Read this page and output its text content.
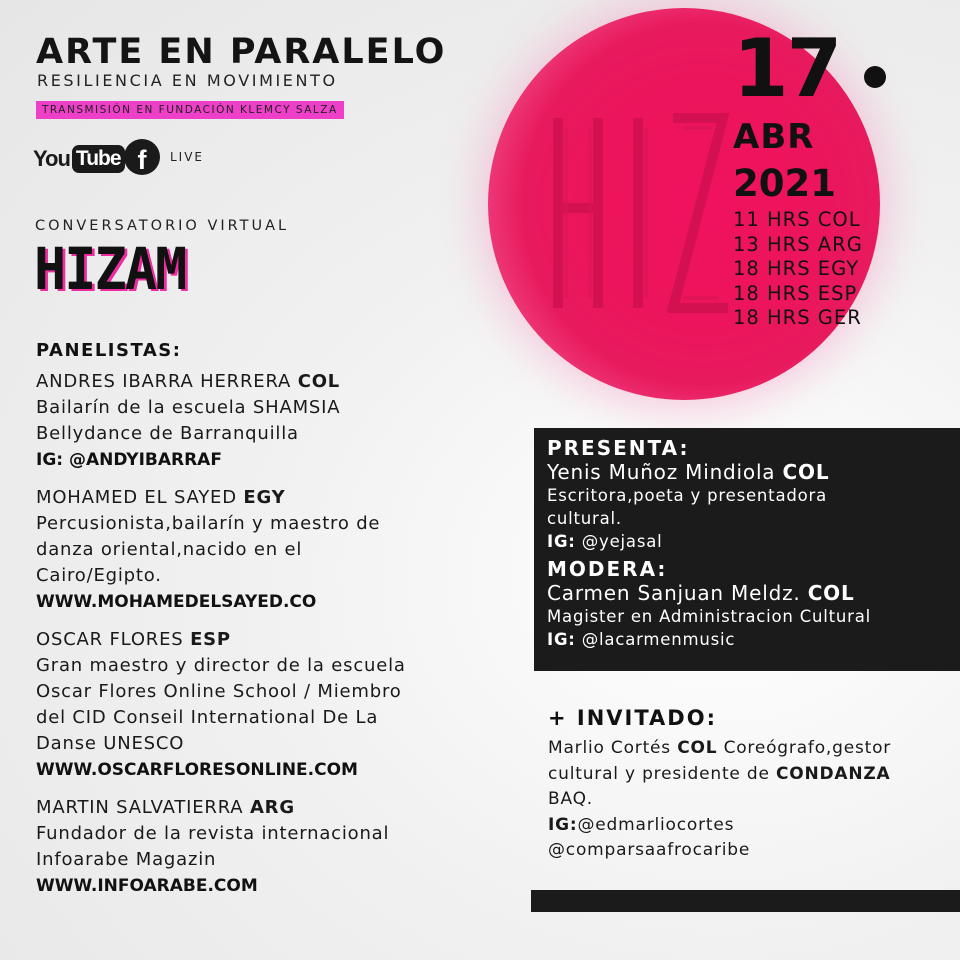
ARTE EN PARALELO
RESILIENCIA EN MOVIMIENTO
TRANSMISIÓN EN FUNDACIÓN KLEMCY SALZA
You Tube f	LIVE
CONVERSATORIO VIRTUAL
HIZAM
17
ABR
2021
11 HRS COL
13 HRS ARG
18 HRS EGY
18 HRS ESP
18 HRS GER
PANELISTAS:
ANDRES IBARRA HERRERA COL
Bailarín de la escuela SHAMSIA
Bellydance de Barranquilla
IG: @ANDYIBARRAF
MOHAMED EL SAYED EGY
Percusionista,bailarín y maestro de
danza oriental,nacido en el
Cairo/Egipto.
WWW.MOHAMEDELSAYED.CO
OSCAR FLORES ESP
Gran maestro y director de la escuela
Oscar Flores Online School / Miembro
del CID Conseil International De La
Danse UNESCO
WWW.OSCARFLORESONLINE.COM
MARTIN SALVATIERRA ARG
Fundador de la revista internacional
Infoarabe Magazin
WWW.INFOARABE.COM
PRESENTA:
Yenis Muñoz Mindiola COL
Escritora,poeta y presentadora
cultural.
IG: @yejasal
MODERA:
Carmen Sanjuan Meldz. COL
Magister en Administracion Cultural
IG: @lacarmenmusic
+ INVITADO:
Marlio Cortés COL Coreógrafo,gestor
cultural y presidente de CONDANZA
BAQ.
IG:@edmarliocortes
@comparsaafrocaribe
